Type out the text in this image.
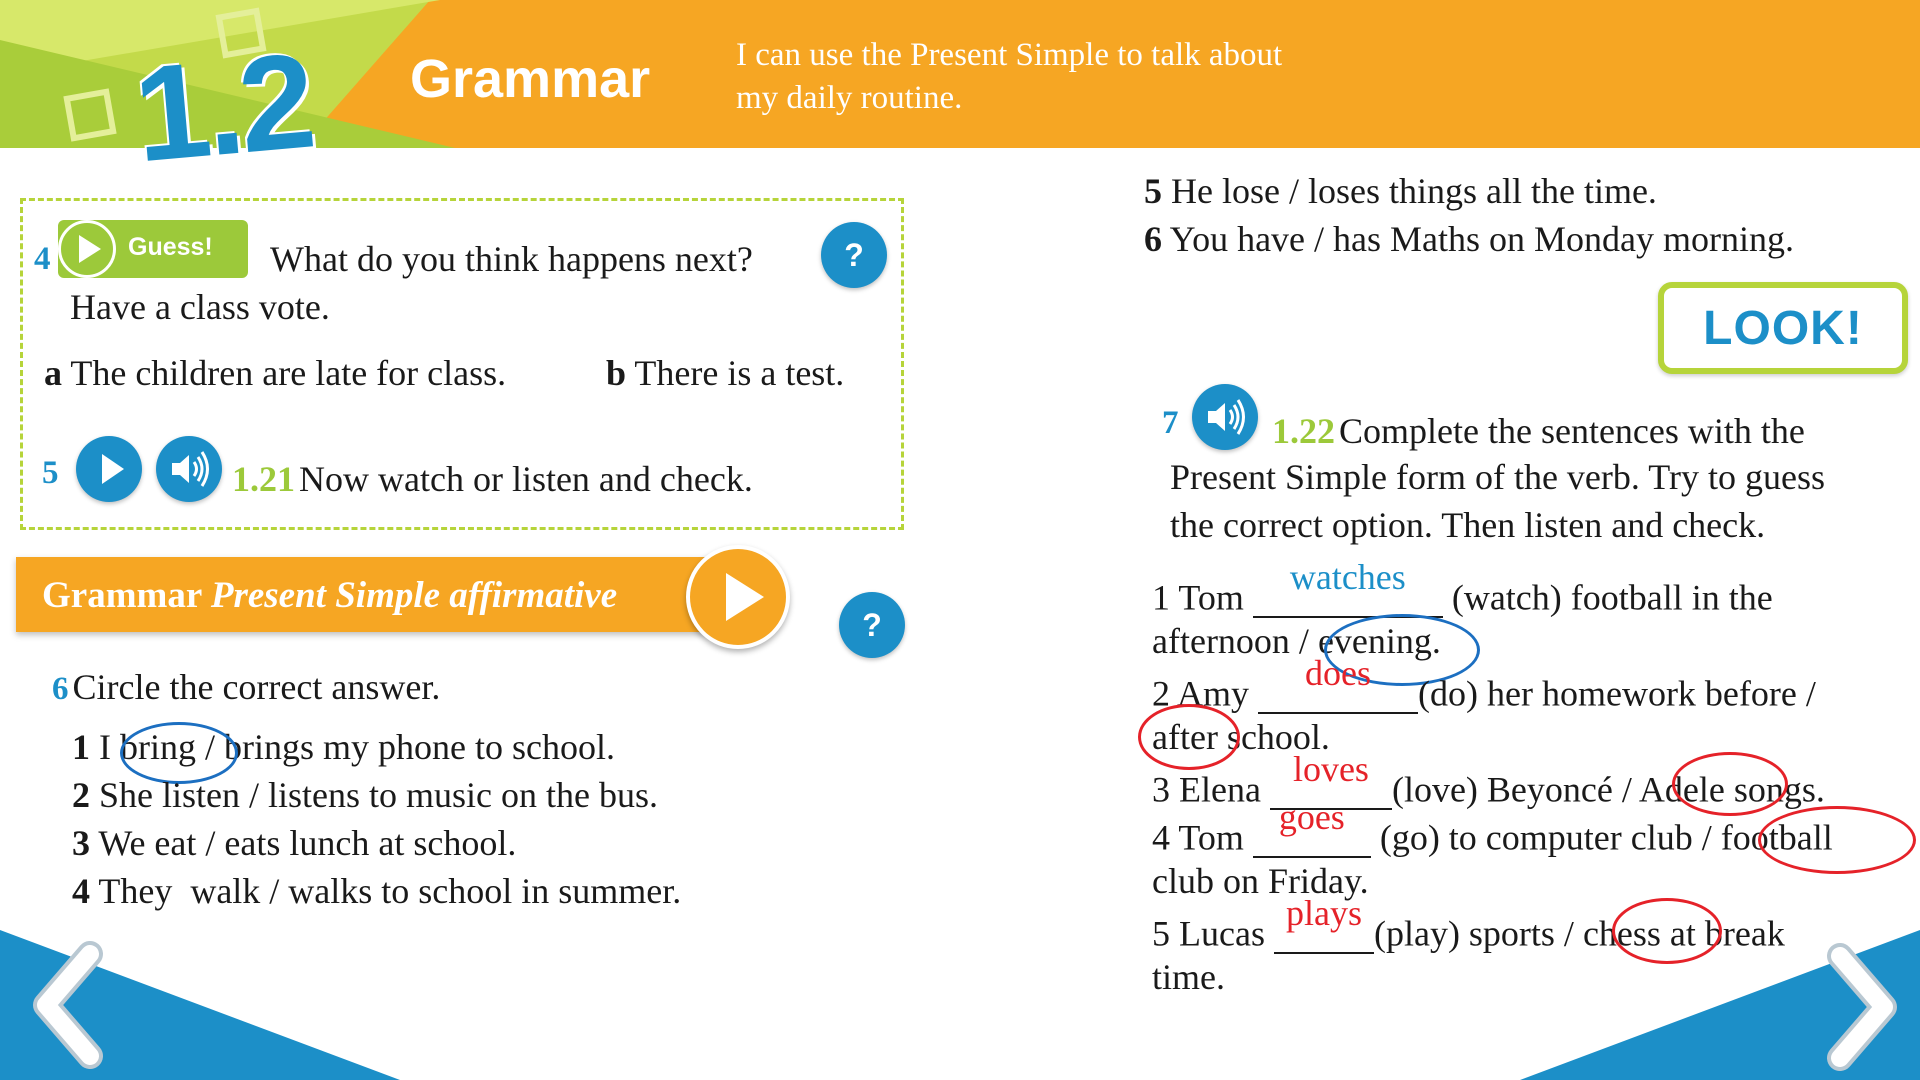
1.2 Grammar	I can use the Present Simple to talk about my daily routine.
4	Guess! What do you think happens next?	?
Have a class vote.
a The children are late for class.	b There is a test.
5	1.21 Now watch or listen and check.
Grammar Present Simple affirmative
?
6 Circle the correct answer.
1 I bring / brings my phone to school.
2 She listen / listens to music on the bus.
3 We eat / eats lunch at school.
4 They  walk / walks to school in summer.
5 He lose / loses things all the time.
6 You have / has Maths on Monday morning.
LOOK!
7	1.22 Complete the sentences with the
Present Simple form of the verb. Try to guess
the correct option. Then listen and check.
1 Tom
watches
(watch) football in the
afternoon / evening.
2 Amy
does
(do) her homework before /
after school.
3 Elena
loves
(love) Beyoncé / Adele songs.
4 Tom
goes
(go) to computer club / football
club on Friday.
5 Lucas
plays
(play) sports / chess at break
time.
